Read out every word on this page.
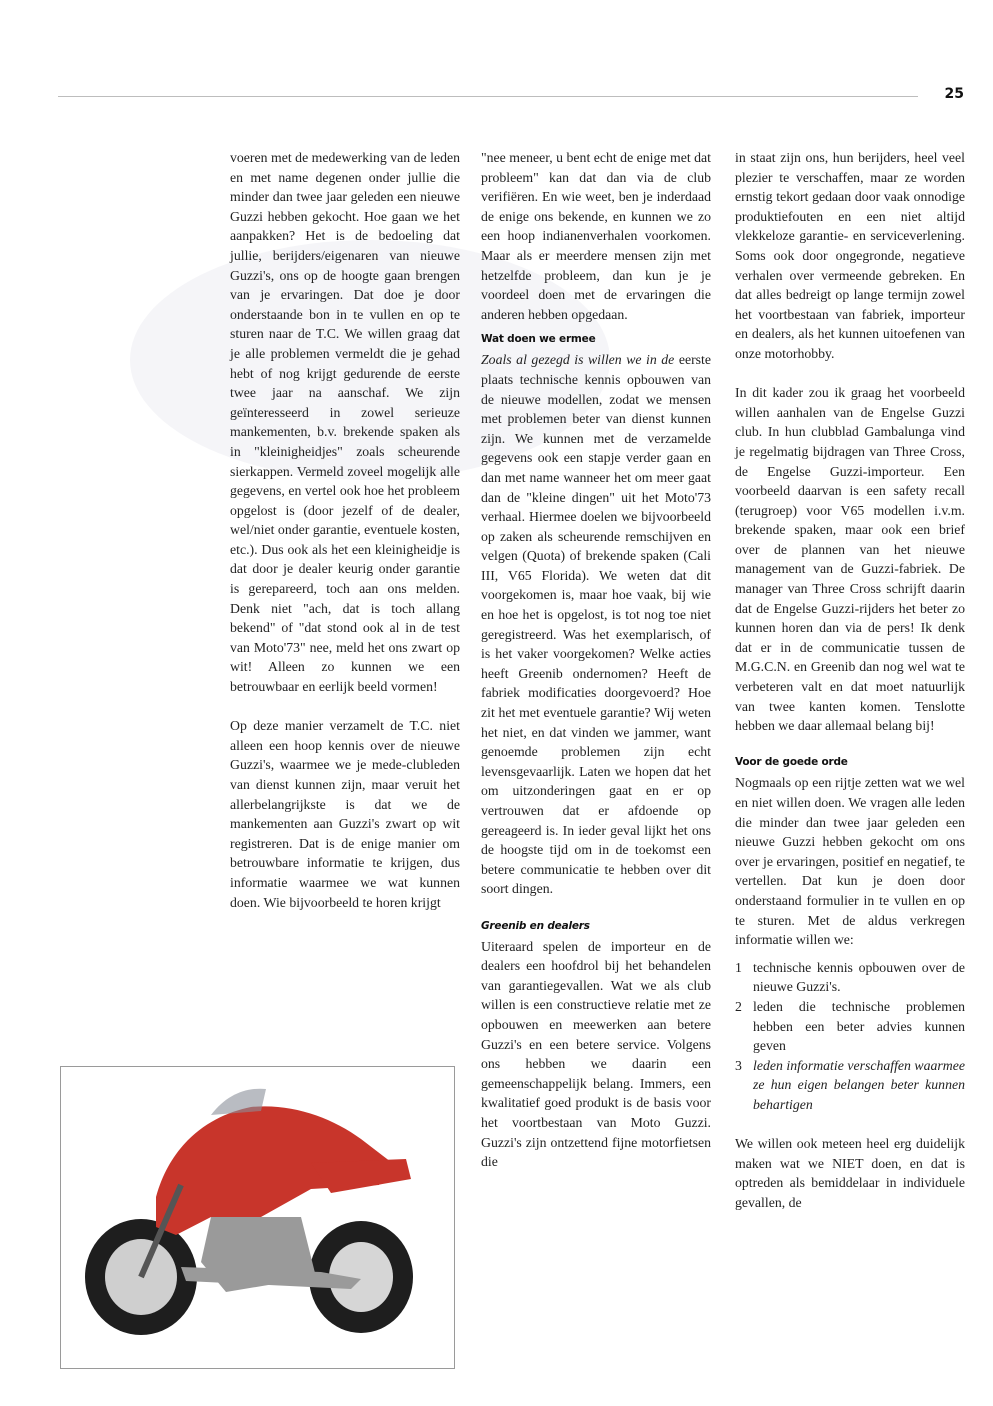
25

voeren met de medewerking van de leden en met name degenen onder jullie die minder dan twee jaar geleden een nieuwe Guzzi hebben gekocht. Hoe gaan we het aanpakken? Het is de bedoeling dat jullie, berijders/eigenaren van nieuwe Guzzi's, ons op de hoogte gaan brengen van je ervaringen. Dat doe je door onderstaande bon in te vullen en op te sturen naar de T.C. We willen graag dat je alle problemen vermeldt die je gehad hebt of nog krijgt gedurende de eerste twee jaar na aanschaf. We zijn geïnteresseerd in zowel serieuze mankementen, b.v. brekende spaken als in "kleinigheidjes" zoals scheurende sierkappen. Vermeld zoveel mogelijk alle gegevens, en vertel ook hoe het probleem opgelost is (door jezelf of de dealer, wel/niet onder garantie, eventuele kosten, etc.). Dus ook als het een kleinigheidje is dat door je dealer keurig onder garantie is gerepareerd, toch aan ons melden. Denk niet "ach, dat is toch allang bekend" of "dat stond ook al in de test van Moto'73" nee, meld het ons zwart op wit! Alleen zo kunnen we een betrouwbaar en eerlijk beeld vormen!

Op deze manier verzamelt de T.C. niet alleen een hoop kennis over de nieuwe Guzzi's, waarmee we je mede-clubleden van dienst kunnen zijn, maar veruit het allerbelangrijkste is dat we de mankementen aan Guzzi's zwart op wit registreren. Dat is de enige manier om betrouwbare informatie te krijgen, dus informatie waarmee we wat kunnen doen. Wie bijvoorbeeld te horen krijgt

"nee meneer, u bent echt de enige met dat probleem" kan dat dan via de club verifiëren. En wie weet, ben je inderdaad de enige ons bekende, en kunnen we zo een hoop indianenverhalen voorkomen. Maar als er meerdere mensen zijn met hetzelfde probleem, dan kun je je voordeel doen met de ervaringen die anderen hebben opgedaan.

Wat doen we ermee

Zoals al gezegd is willen we in de eerste plaats technische kennis opbouwen van de nieuwe modellen, zodat we mensen met problemen beter van dienst kunnen zijn. We kunnen met de verzamelde gegevens ook een stapje verder gaan en dan met name wanneer het om meer gaat dan de "kleine dingen" uit het Moto'73 verhaal. Hiermee doelen we bijvoorbeeld op zaken als scheurende remschijven en velgen (Quota) of brekende spaken (Cali III, V65 Florida). We weten dat dit voorgekomen is, maar hoe vaak, bij wie en hoe het is opgelost, is tot nog toe niet geregistreerd. Was het exemplarisch, of is het vaker voorgekomen? Welke acties heeft Greenib ondernomen? Heeft de fabriek modificaties doorgevoerd? Hoe zit het met eventuele garantie? Wij weten het niet, en dat vinden we jammer, want genoemde problemen zijn echt levensgevaarlijk. Laten we hopen dat het om uitzonderingen gaat en er op vertrouwen dat er afdoende op gereageerd is. In ieder geval lijkt het ons de hoogste tijd om in de toekomst een betere communicatie te hebben over dit soort dingen.

Greenib en dealers

Uiteraard spelen de importeur en de dealers een hoofdrol bij het behandelen van garantiegevallen. Wat we als club willen is een constructieve relatie met ze opbouwen en meewerken aan betere Guzzi's en een betere service. Volgens ons hebben we daarin een gemeenschappelijk belang. Immers, een kwalitatief goed produkt is de basis voor het voortbestaan van Moto Guzzi. Guzzi's zijn ontzettend fijne motorfietsen die

in staat zijn ons, hun berijders, heel veel plezier te verschaffen, maar ze worden ernstig tekort gedaan door vaak onnodige produktiefouten en een niet altijd vlekkeloze garantie- en serviceverlening. Soms ook door ongegronde, negatieve verhalen over vermeende gebreken. En dat alles bedreigt op lange termijn zowel het voortbestaan van fabriek, importeur en dealers, als het kunnen uitoefenen van onze motorhobby.

In dit kader zou ik graag het voorbeeld willen aanhalen van de Engelse Guzzi club. In hun clubblad Gambalunga vind je regelmatig bijdragen van Three Cross, de Engelse Guzzi-importeur. Een voorbeeld daarvan is een safety recall (terugroep) voor V65 modellen i.v.m. brekende spaken, maar ook een brief over de plannen van het nieuwe management van de Guzzi-fabriek. De manager van Three Cross schrijft daarin dat de Engelse Guzzi-rijders het beter zo kunnen horen dan via de pers! Ik denk dat er in de communicatie tussen de M.G.C.N. en Greenib dan nog wel wat te verbeteren valt en dat moet natuurlijk van twee kanten komen. Tenslotte hebben we daar allemaal belang bij!

Voor de goede orde

Nogmaals op een rijtje zetten wat we wel en niet willen doen. We vragen alle leden die minder dan twee jaar geleden een nieuwe Guzzi hebben gekocht om ons over je ervaringen, positief en negatief, te vertellen. Dat kun je doen door onderstaand formulier in te vullen en op te sturen. Met de aldus verkregen informatie willen we:

1 technische kennis opbouwen over de nieuwe Guzzi's.
2 leden die technische problemen hebben een beter advies kunnen geven
3 leden informatie verschaffen waarmee ze hun eigen belangen beter kunnen behartigen

We willen ook meteen heel erg duidelijk maken wat we NIET doen, en dat is optreden als bemiddelaar in individuele gevallen, de
